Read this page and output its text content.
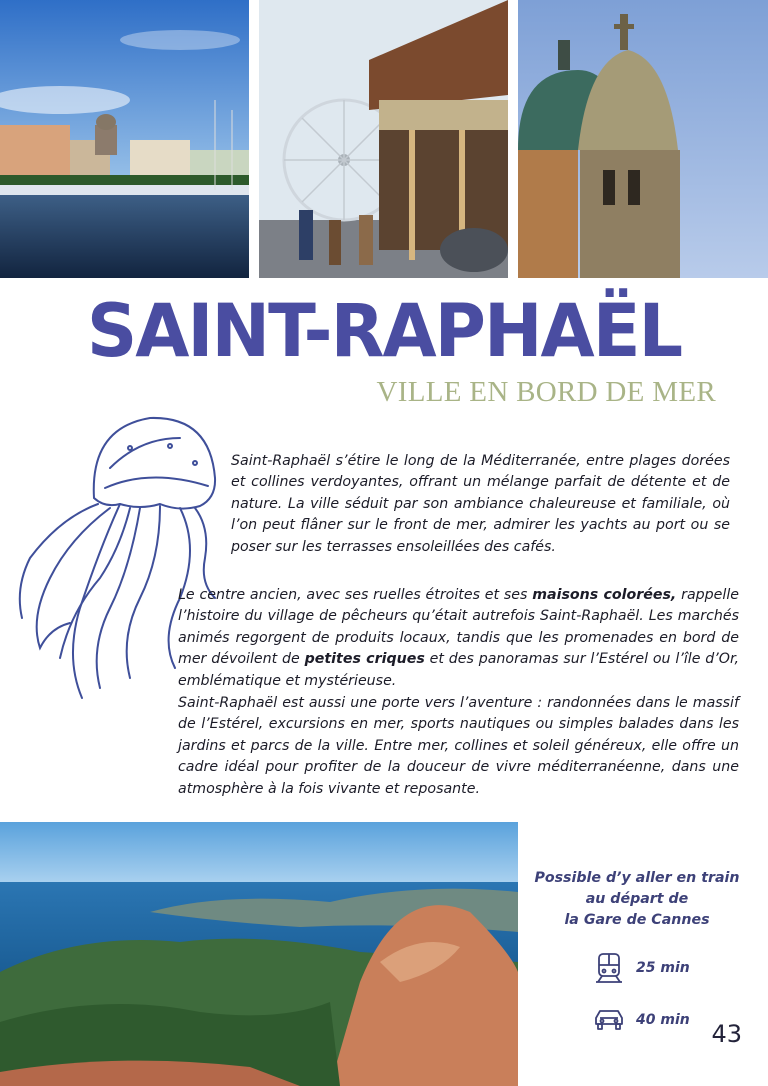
SAINT-RAPHAËL
VILLE EN BORD DE MER

Saint-Raphaël s’étire le long de la Méditerranée, entre plages dorées et collines verdoyantes, offrant un mélange parfait de détente et de nature. La ville séduit par son ambiance chaleureuse et familiale, où l’on peut flâner sur le front de mer, admirer les yachts au port ou se poser sur les terrasses ensoleillées des cafés.

Le centre ancien, avec ses ruelles étroites et ses maisons colorées, rappelle l’histoire du village de pêcheurs qu’était autrefois Saint-Raphaël. Les marchés animés regorgent de produits locaux, tandis que les promenades en bord de mer dévoilent de petites criques et des panoramas sur l’Estérel ou l’île d’Or, emblématique et mystérieuse.

Saint-Raphaël est aussi une porte vers l’aventure : randonnées dans le massif de l’Estérel, excursions en mer, sports nautiques ou simples balades dans les jardins et parcs de la ville. Entre mer, collines et soleil généreux, elle offre un cadre idéal pour profiter de la douceur de vivre méditerranéenne, dans une atmosphère à la fois vivante et reposante.

Possible d’y aller en train
au départ de
la Gare de Cannes
25 min
40 min 43
